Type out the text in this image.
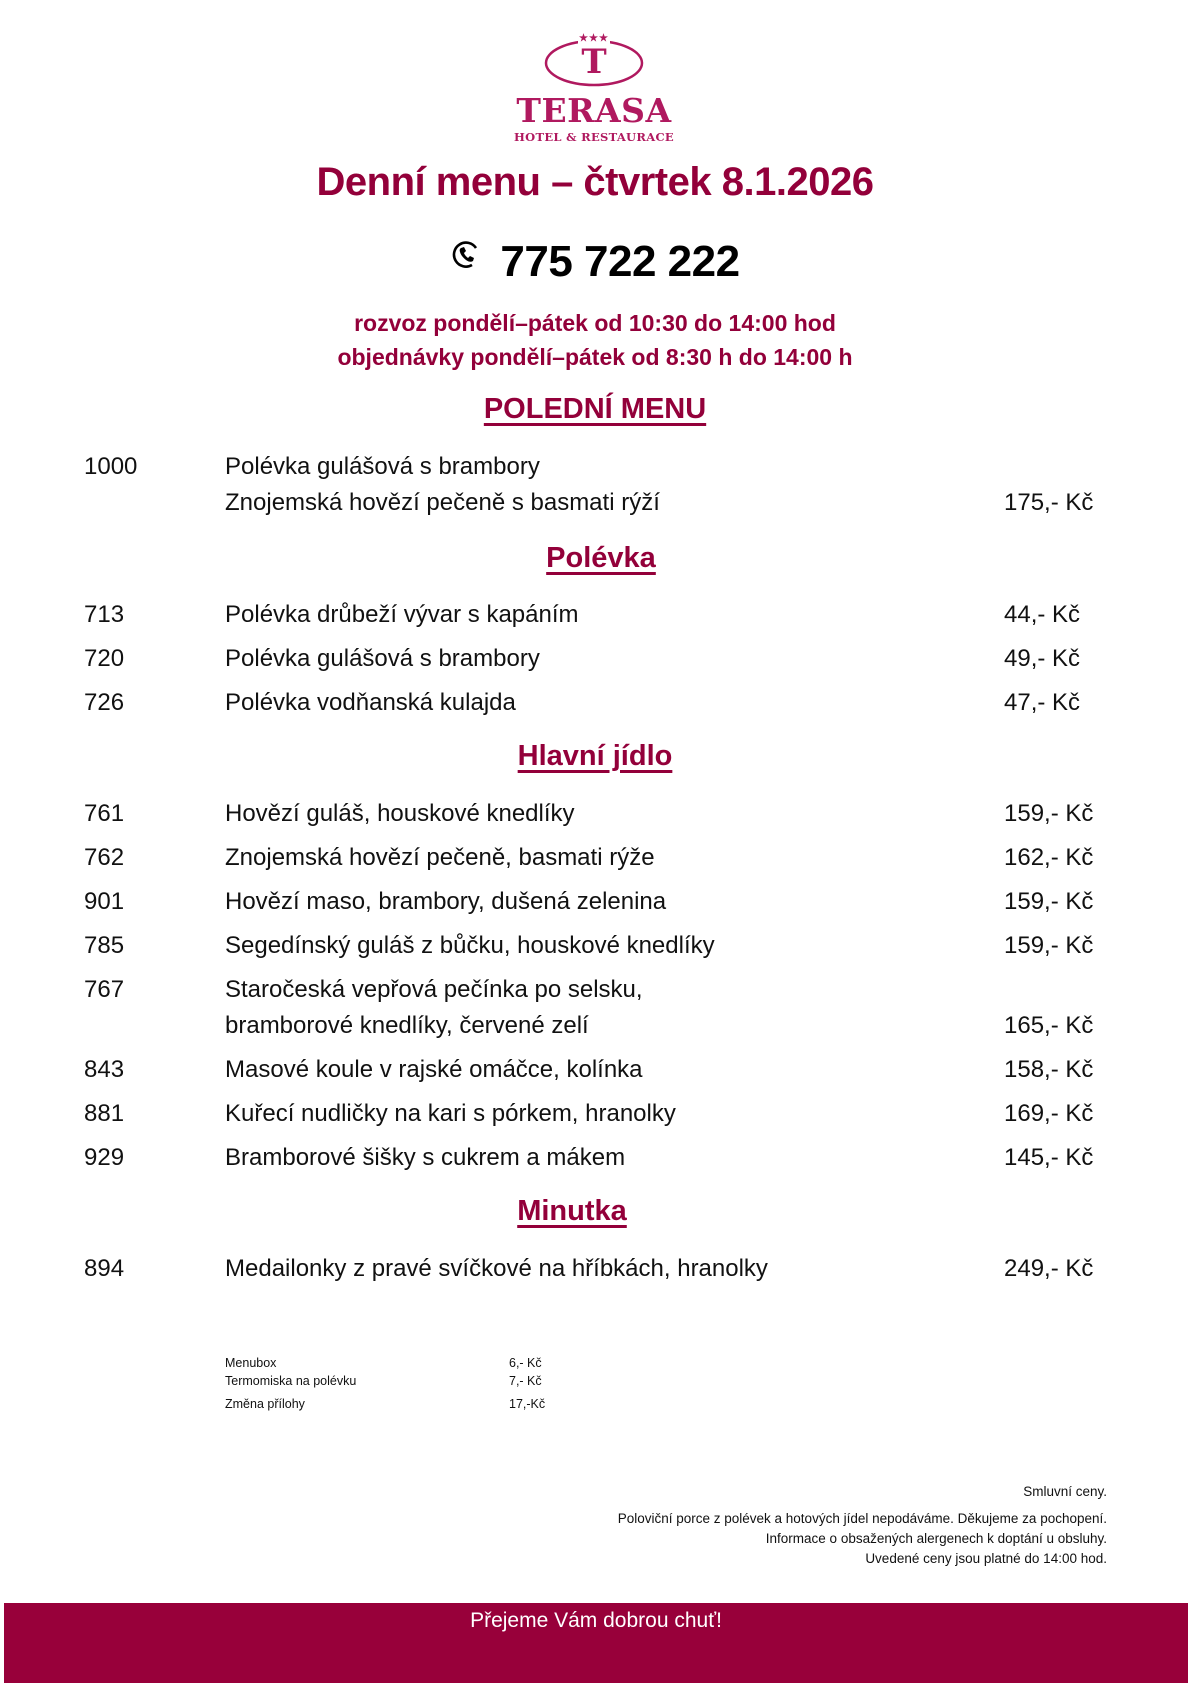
★★★
T
TERASA
HOTEL & RESTAURACE
Denní menu – čtvrtek 8.1.2026
775 722 222
rozvoz pondělí–pátek od 10:30 do 14:00 hod
objednávky pondělí–pátek od 8:30 h do 14:00 h
POLEDNÍ MENU
1000	Polévka gulášová s brambory
Znojemská hovězí pečeně s basmati rýží	175,- Kč
Polévka
713	Polévka drůbeží vývar s kapáním	44,- Kč
720	Polévka gulášová s brambory	49,- Kč
726	Polévka vodňanská kulajda	47,- Kč
Hlavní jídlo
761	Hovězí guláš, houskové knedlíky	159,- Kč
762	Znojemská hovězí pečeně, basmati rýže	162,- Kč
901	Hovězí maso, brambory, dušená zelenina	159,- Kč
785	Segedínský guláš z bůčku, houskové knedlíky	159,- Kč
767	Staročeská vepřová pečínka po selsku,
bramborové knedlíky, červené zelí	165,- Kč
843	Masové koule v rajské omáčce, kolínka	158,- Kč
881	Kuřecí nudličky na kari s pórkem, hranolky	169,- Kč
929	Bramborové šišky s cukrem a mákem	145,- Kč
Minutka
894	Medailonky z pravé svíčkové na hříbkách, hranolky	249,- Kč
Menubox	6,- Kč
Termomiska na polévku	7,- Kč
Změna přílohy	17,-Kč
Smluvní ceny.
Poloviční porce z polévek a hotových jídel nepodáváme. Děkujeme za pochopení.
Informace o obsažených alergenech k doptání u obsluhy.
Uvedené ceny jsou platné do 14:00 hod.
Přejeme Vám dobrou chuť!
